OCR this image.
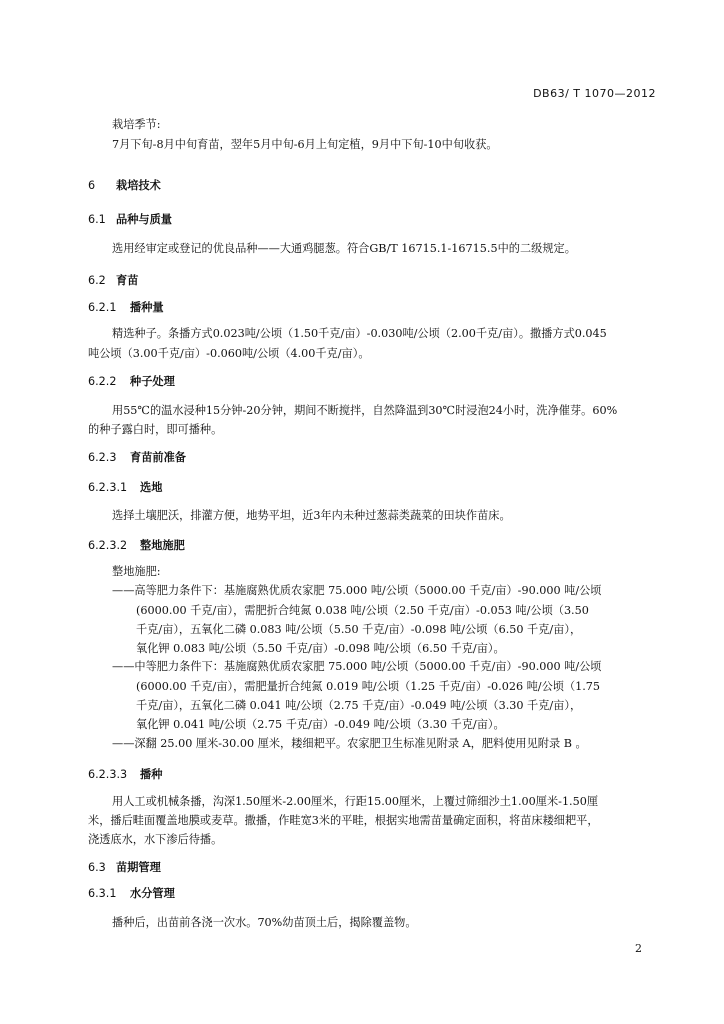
DB63/ T 1070—2012
栽培季节:
7月下旬-8月中旬育苗，翌年5月中旬-6月上旬定植，9月中下旬-10中旬收获。
6 栽培技术
6.1 品种与质量
选用经审定或登记的优良品种——大通鸡腿葱。符合GB/T 16715.1-16715.5中的二级规定。
6.2 育苗
6.2.1 播种量
精选种子。条播方式0.023吨/公顷（1.50千克/亩）-0.030吨/公顷（2.00千克/亩）。撒播方式0.045
吨公顷（3.00千克/亩）-0.060吨/公顷（4.00千克/亩）。
6.2.2 种子处理
用55℃的温水浸种15分钟-20分钟，期间不断搅拌，自然降温到30℃时浸泡24小时，洗净催芽。60%
的种子露白时，即可播种。
6.2.3 育苗前准备
6.2.3.1 选地
选择土壤肥沃，排灌方便，地势平坦，近3年内未种过葱蒜类蔬菜的田块作苗床。
6.2.3.2 整地施肥
整地施肥:
——高等肥力条件下：基施腐熟优质农家肥 75.000 吨/公顷（5000.00 千克/亩）-90.000 吨/公顷
(6000.00 千克/亩），需肥折合纯氮 0.038 吨/公顷（2.50 千克/亩）-0.053 吨/公顷（3.50
千克/亩），五氧化二磷 0.083 吨/公顷（5.50 千克/亩）-0.098 吨/公顷（6.50 千克/亩），
氧化钾 0.083 吨/公顷（5.50 千克/亩）-0.098 吨/公顷（6.50 千克/亩）。
——中等肥力条件下：基施腐熟优质农家肥 75.000 吨/公顷（5000.00 千克/亩）-90.000 吨/公顷
(6000.00 千克/亩），需肥量折合纯氮 0.019 吨/公顷（1.25 千克/亩）-0.026 吨/公顷（1.75
千克/亩），五氧化二磷 0.041 吨/公顷（2.75 千克/亩）-0.049 吨/公顷（3.30 千克/亩），
氧化钾 0.041 吨/公顷（2.75 千克/亩）-0.049 吨/公顷（3.30 千克/亩）。
——深翻 25.00 厘米-30.00 厘米，耧细耙平。农家肥卫生标准见附录 A，肥料使用见附录 B 。
6.2.3.3 播种
用人工或机械条播，沟深1.50厘米-2.00厘米，行距15.00厘米，上覆过筛细沙土1.00厘米-1.50厘
米，播后畦面覆盖地膜或麦草。撒播，作畦宽3米的平畦，根据实地需苗量确定面积，将苗床耧细耙平，
浇透底水，水下渗后待播。
6.3 苗期管理
6.3.1 水分管理
播种后，出苗前各浇一次水。70%幼苗顶土后，揭除覆盖物。
2
